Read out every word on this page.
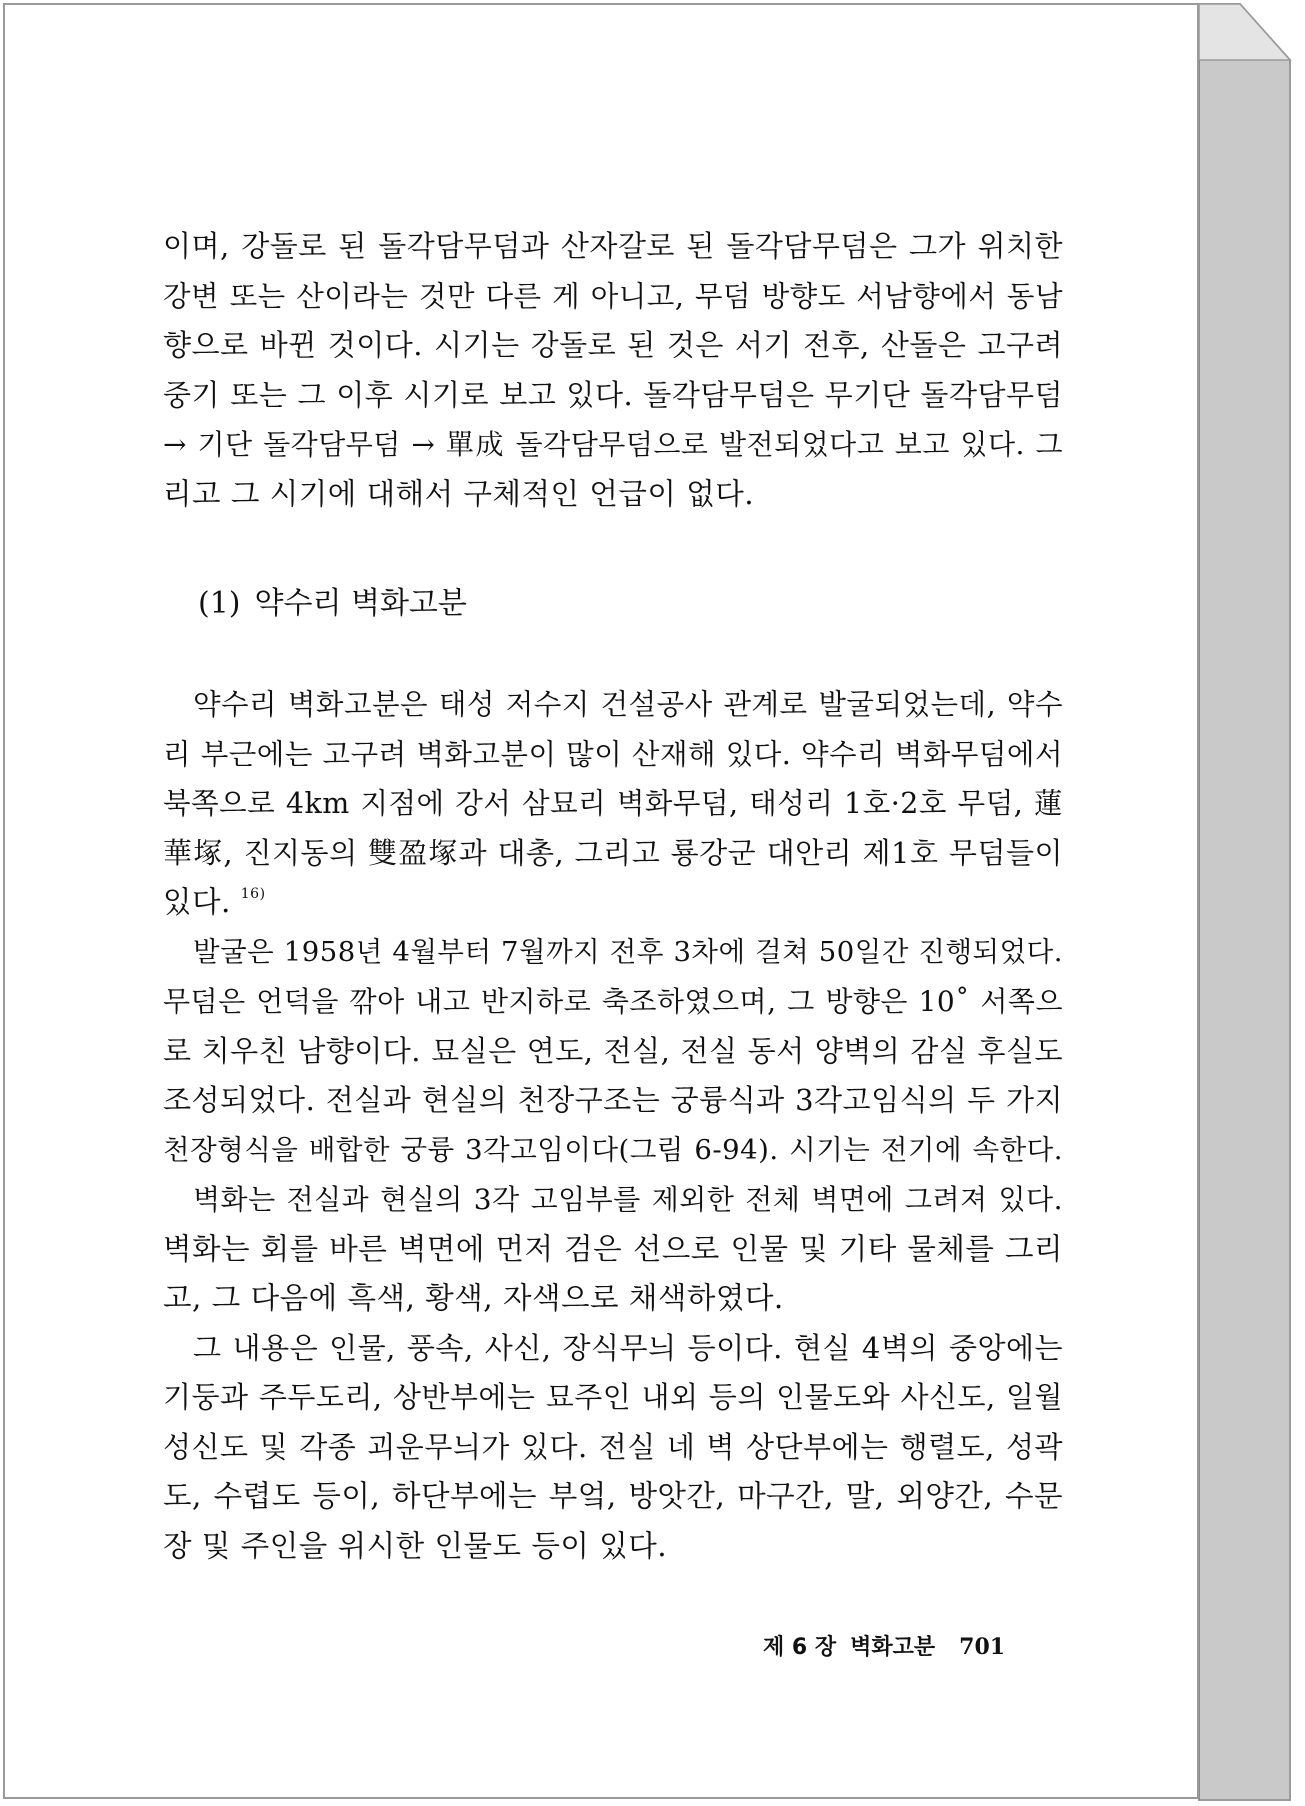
이며, 강돌로 된 돌각담무덤과 산자갈로 된 돌각담무덤은 그가 위치한
강변 또는 산이라는 것만 다른 게 아니고, 무덤 방향도 서남향에서 동남
향으로 바뀐 것이다. 시기는 강돌로 된 것은 서기 전후, 산돌은 고구려
중기 또는 그 이후 시기로 보고 있다. 돌각담무덤은 무기단 돌각담무덤
→ 기단 돌각담무덤 → 單成 돌각담무덤으로 발전되었다고 보고 있다. 그
리고 그 시기에 대해서 구체적인 언급이 없다.
(1) 약수리 벽화고분
약수리 벽화고분은 태성 저수지 건설공사 관계로 발굴되었는데, 약수
리 부근에는 고구려 벽화고분이 많이 산재해 있다. 약수리 벽화무덤에서
북쪽으로 4km 지점에 강서 삼묘리 벽화무덤, 태성리 1호·2호 무덤, 蓮
華塚, 진지동의 雙盈塚과 대총, 그리고 룡강군 대안리 제1호 무덤들이
있다. $^{16)}$
발굴은 1958년 4월부터 7월까지 전후 3차에 걸쳐 50일간 진행되었다.
무덤은 언덕을 깎아 내고 반지하로 축조하였으며, 그 방향은 10˚ 서쪽으
로 치우친 남향이다. 묘실은 연도, 전실, 전실 동서 양벽의 감실 후실도
조성되었다. 전실과 현실의 천장구조는 궁륭식과 3각고임식의 두 가지
천장형식을 배합한 궁륭 3각고임이다(그림 6-94). 시기는 전기에 속한다.
벽화는 전실과 현실의 3각 고임부를 제외한 전체 벽면에 그려져 있다.
벽화는 회를 바른 벽면에 먼저 검은 선으로 인물 및 기타 물체를 그리
고, 그 다음에 흑색, 황색, 자색으로 채색하였다.
그 내용은 인물, 풍속, 사신, 장식무늬 등이다. 현실 4벽의 중앙에는
기둥과 주두도리, 상반부에는 묘주인 내외 등의 인물도와 사신도, 일월
성신도 및 각종 괴운무늬가 있다. 전실 네 벽 상단부에는 행렬도, 성곽
도, 수렵도 등이, 하단부에는 부엌, 방앗간, 마구간, 말, 외양간, 수문
장 및 주인을 위시한 인물도 등이 있다.
제 6 장 벽화고분 701
